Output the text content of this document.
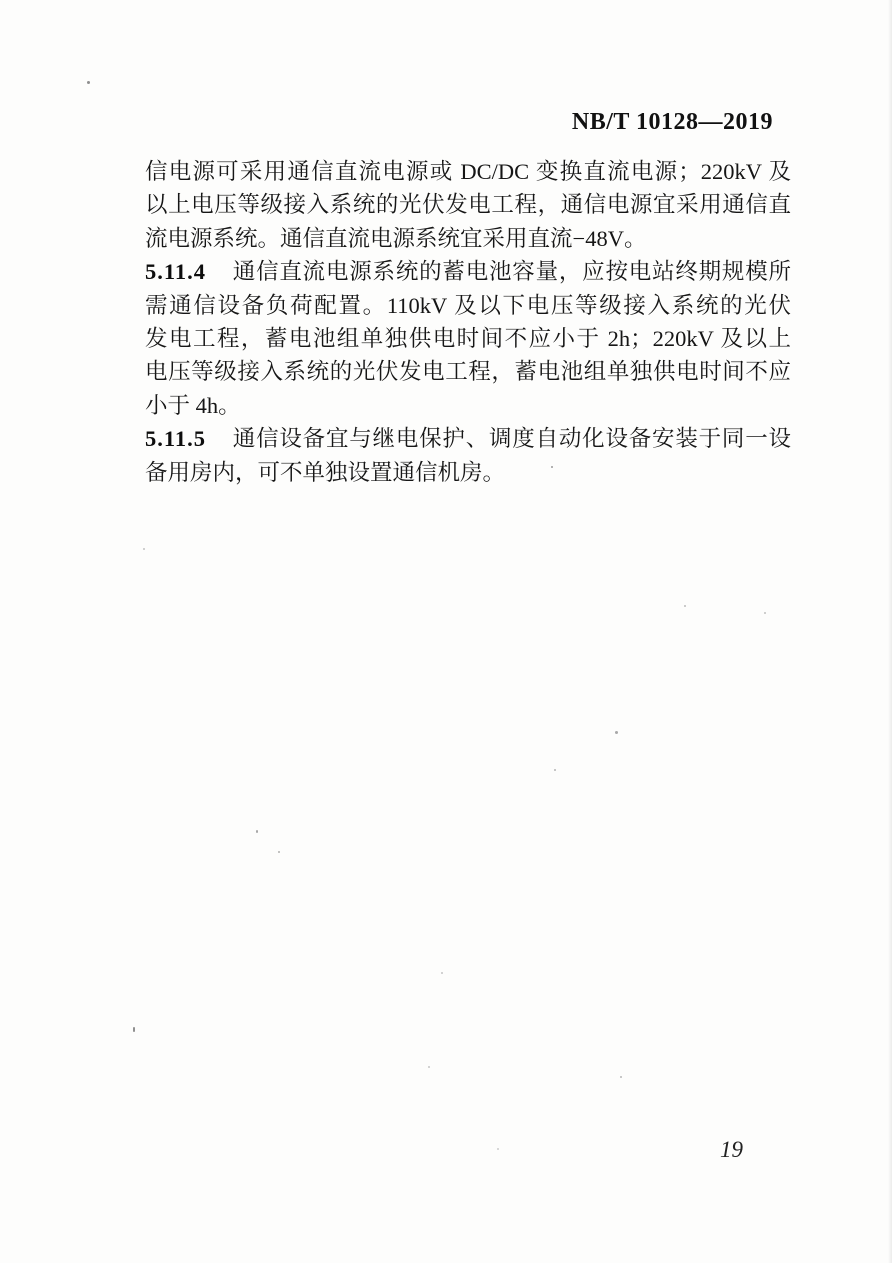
NB/T 10128—2019
信电源可采用通信直流电源或 DC/DC 变换直流电源；220kV 及
以上电压等级接入系统的光伏发电工程，通信电源宜采用通信直
流电源系统。通信直流电源系统宜采用直流−48V。
5.11.4 通信直流电源系统的蓄电池容量，应按电站终期规模所
需通信设备负荷配置。110kV 及以下电压等级接入系统的光伏
发电工程，蓄电池组单独供电时间不应小于 2h；220kV 及以上
电压等级接入系统的光伏发电工程，蓄电池组单独供电时间不应
小于 4h。
5.11.5 通信设备宜与继电保护、调度自动化设备安装于同一设
备用房内，可不单独设置通信机房。
19
